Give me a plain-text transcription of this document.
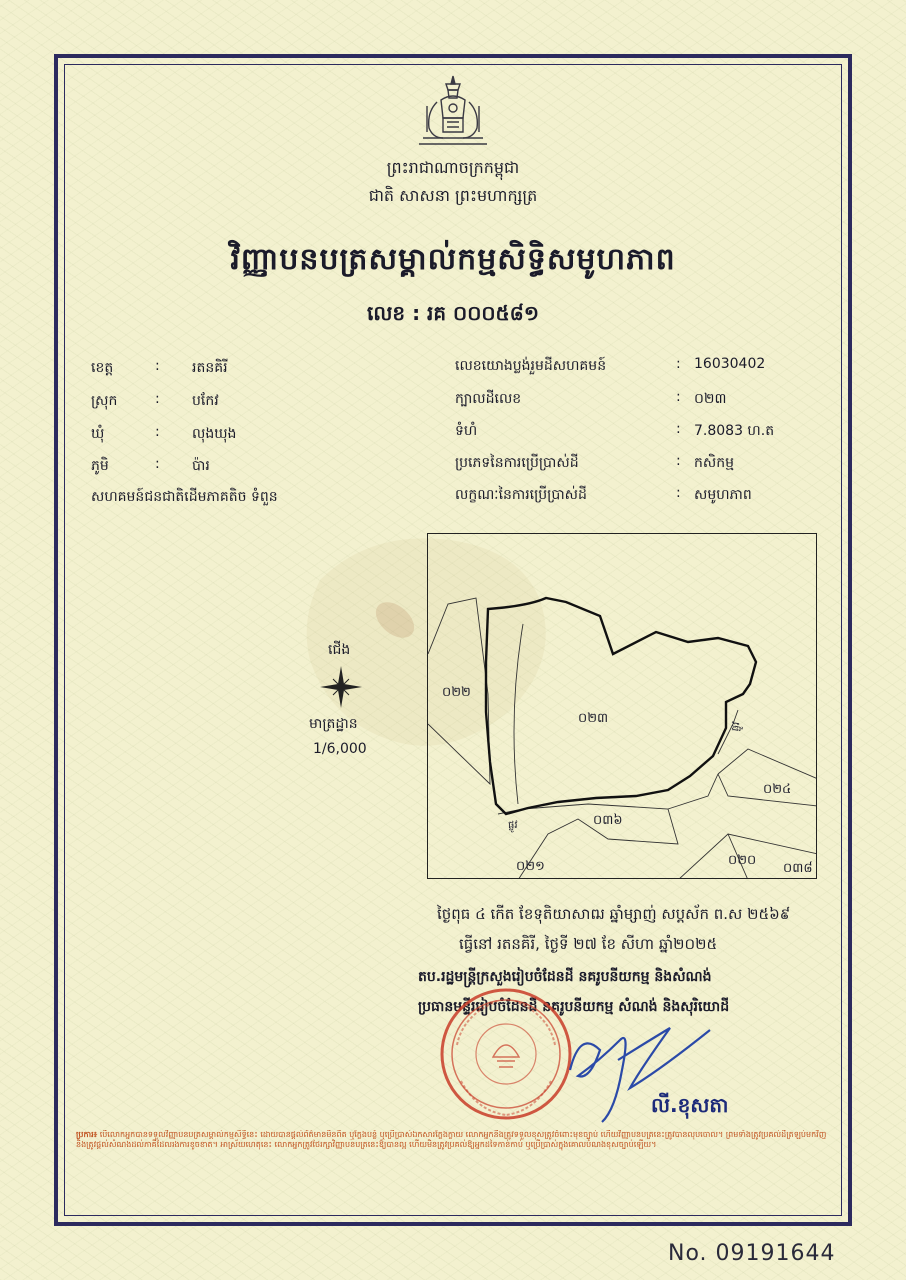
ព្រះរាជាណាចក្រកម្ពុជា
ជាតិ សាសនា ព្រះមហាក្សត្រ
វិញ្ញាបនបត្រសម្គាល់កម្មសិទ្ធិសមូហភាព
លេខ : រគ ០០០៥៨១
ខេត្ត	: រតនគិរី
ស្រុក	: បកែវ
ឃុំ	: លុងឃុង
ភូមិ	: ប៉ារ
សហគមន៍ជនជាតិដើមភាគតិច ទំពួន
លេខយោងប្លង់រួមដីសហគមន៍	: 16030402
ក្បាលដីលេខ	: ០២៣
ទំហំ	: 7.8083 ហ.ត
ប្រភេទនៃការប្រើប្រាស់ដី	: កសិកម្ម
លក្ខណៈនៃការប្រើប្រាស់ដី	: សមូហភាព
ជើង
មាត្រដ្ឋាន
1/6,000
០២២
០២៣
០២៤
០៣៦
០២១	០២០
០៣៨
ផ្លូវ
ផ្លូវ
ថ្ងៃពុធ ៤ កើត ខែទុតិយាសាឍ ឆ្នាំម្សាញ់ សប្តស័ក ព.ស ២៥៦៩
ធ្វើនៅ រតនគិរី, ថ្ងៃទី ២៧ ខែ សីហា ឆ្នាំ២០២៥
តប.រដ្ឋមន្ត្រីក្រសួងរៀបចំដែនដី នគរូបនីយកម្ម និងសំណង់
ប្រធានមន្ទីររៀបចំដែនដី នគរូបនីយកម្ម សំណង់ និងសុរិយោដី
លី.ខុសតា
ប្រការ៖ បើលោកអ្នកបានទទួលវិញ្ញាបនបត្រសម្គាល់កម្មសិទ្ធិនេះ ដោយបានផ្តល់ព័ត៌មានមិនពិត ឬក្លែងបន្លំ ឬប្រើប្រាស់ឯកសារក្លែងក្លាយ លោកអ្នកនឹងត្រូវទទួលខុសត្រូវចំពោះមុខច្បាប់ ហើយវិញ្ញាបនបត្រនេះត្រូវបានលុបចោល។ ព្រមទាំងត្រូវប្រគល់ដីត្រឡប់មកវិញ និងត្រូវផ្តល់សំណងដល់ភាគីដែលរងការខូចខាត។ អាស្រ័យហេតុនេះ លោកអ្នកត្រូវថែរក្សាវិញ្ញាបនបត្រនេះឱ្យបានល្អ ហើយមិនត្រូវប្រគល់ឱ្យអ្នកដទៃកាន់កាប់ ឬប្រើប្រាស់ក្នុងគោលបំណងខុសច្បាប់ឡើយ។
No. 09191644
